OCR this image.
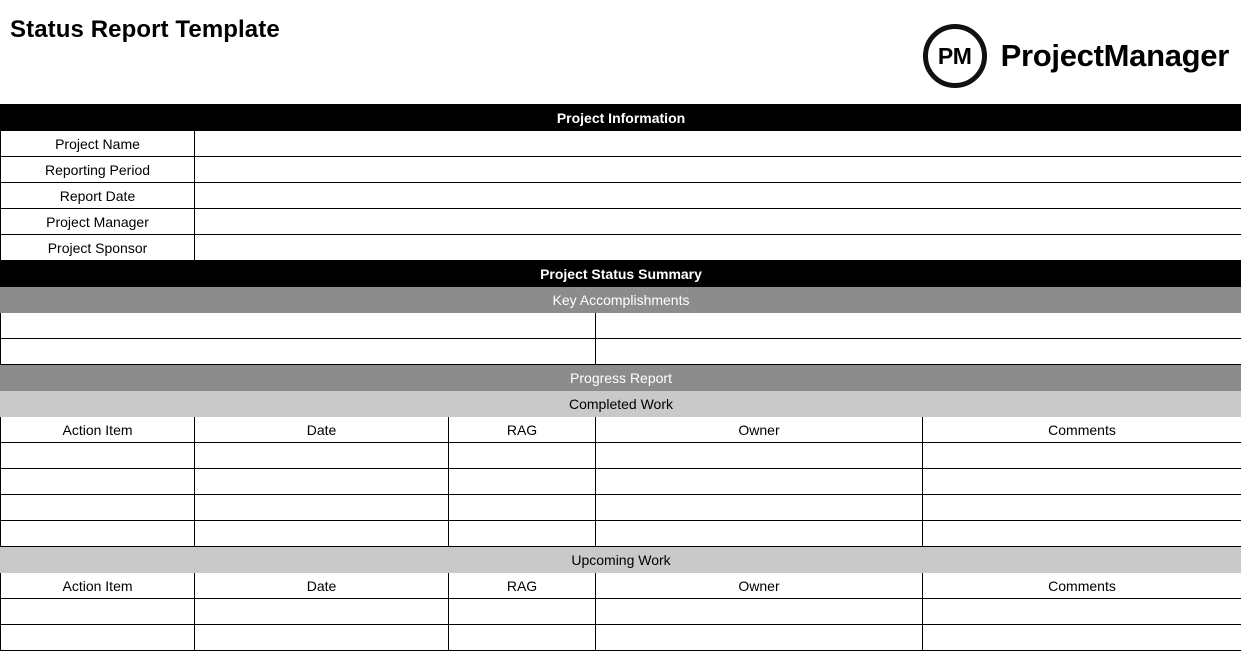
Status Report Template
PM ProjectManager
Project Information				
Project Name				
Reporting Period				
Report Date				
Project Manager				
Project Sponsor				
Project Status Summary				
Key Accomplishments				

Progress Report				
Completed Work				
Action Item	Date	RAG	Owner	Comments

Upcoming Work				
Action Item	Date	RAG	Owner	Comments
